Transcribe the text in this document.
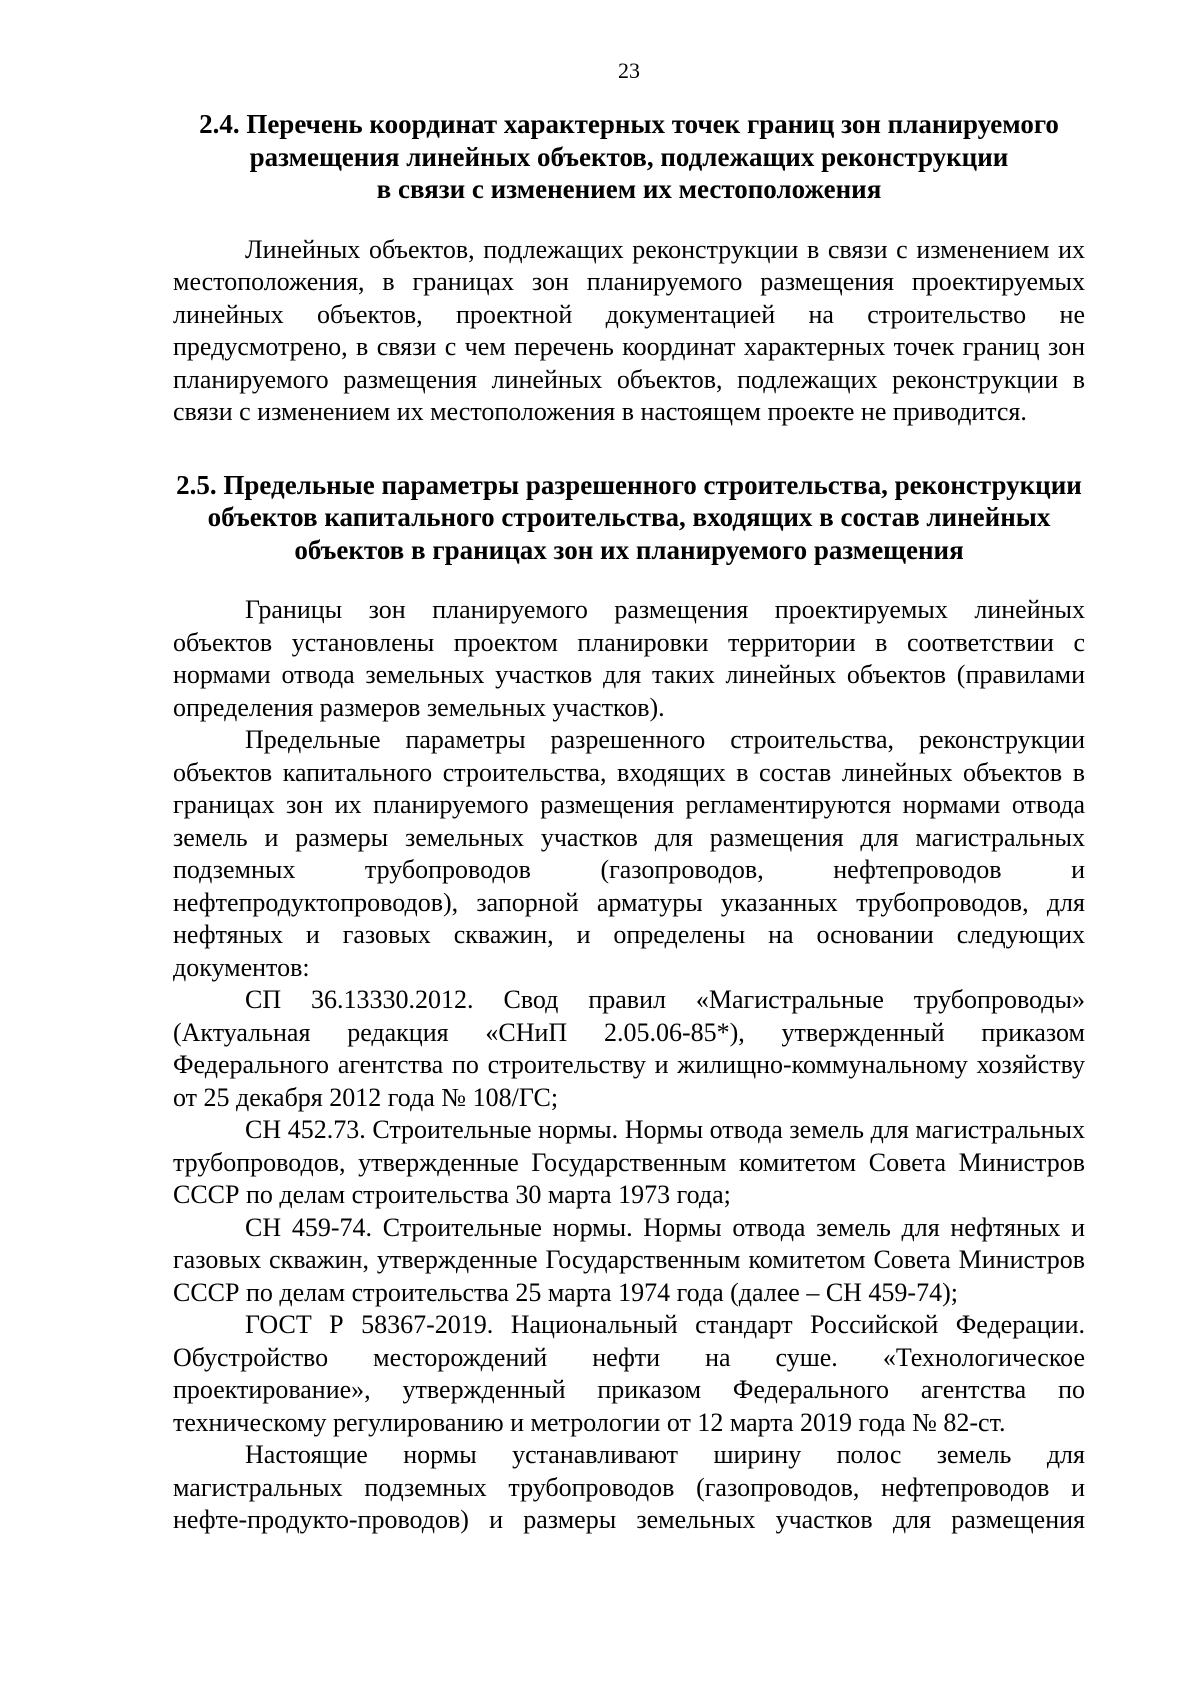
23
2.4. Перечень координат характерных точек границ зон планируемого
размещения линейных объектов, подлежащих реконструкции
в связи с изменением их местоположения

Линейных объектов, подлежащих реконструкции в связи с изменением их местоположения, в границах зон планируемого размещения проектируемых линейных объектов, проектной документацией на строительство не предусмотрено, в связи с чем перечень координат характерных точек границ зон планируемого размещения линейных объектов, подлежащих реконструкции в связи с изменением их местоположения в настоящем проекте не приводится.

2.5. Предельные параметры разрешенного строительства, реконструкции
объектов капитального строительства, входящих в состав линейных
объектов в границах зон их планируемого размещения

Границы зон планируемого размещения проектируемых линейных объектов установлены проектом планировки территории в соответствии с нормами отвода земельных участков для таких линейных объектов (правилами определения размеров земельных участков).

Предельные параметры разрешенного строительства, реконструкции объектов капитального строительства, входящих в состав линейных объектов в границах зон их планируемого размещения регламентируются нормами отвода земель и размеры земельных участков для размещения для магистральных подземных трубопроводов (газопроводов, нефтепроводов и нефтепродуктопроводов), запорной арматуры указанных трубопроводов, для нефтяных и газовых скважин, и определены на основании следующих документов:

СП 36.13330.2012. Свод правил «Магистральные трубопроводы» (Актуальная редакция «СНиП 2.05.06-85*), утвержденный приказом Федерального агентства по строительству и жилищно-коммунальному хозяйству от 25 декабря 2012 года № 108/ГС;

СН 452.73. Строительные нормы. Нормы отвода земель для магистральных трубопроводов, утвержденные Государственным комитетом Совета Министров СССР по делам строительства 30 марта 1973 года;

СН 459-74. Строительные нормы. Нормы отвода земель для нефтяных и газовых скважин, утвержденные Государственным комитетом Совета Министров СССР по делам строительства 25 марта 1974 года (далее – СН 459-74);

ГОСТ Р 58367-2019. Национальный стандарт Российской Федерации. Обустройство месторождений нефти на суше. «Технологическое проектирование», утвержденный приказом Федерального агентства по техническому регулированию и метрологии от 12 марта 2019 года № 82-ст.

Настоящие нормы устанавливают ширину полос земель для магистральных подземных трубопроводов (газопроводов, нефтепроводов и нефте-продукто-проводов) и размеры земельных участков для размещения
